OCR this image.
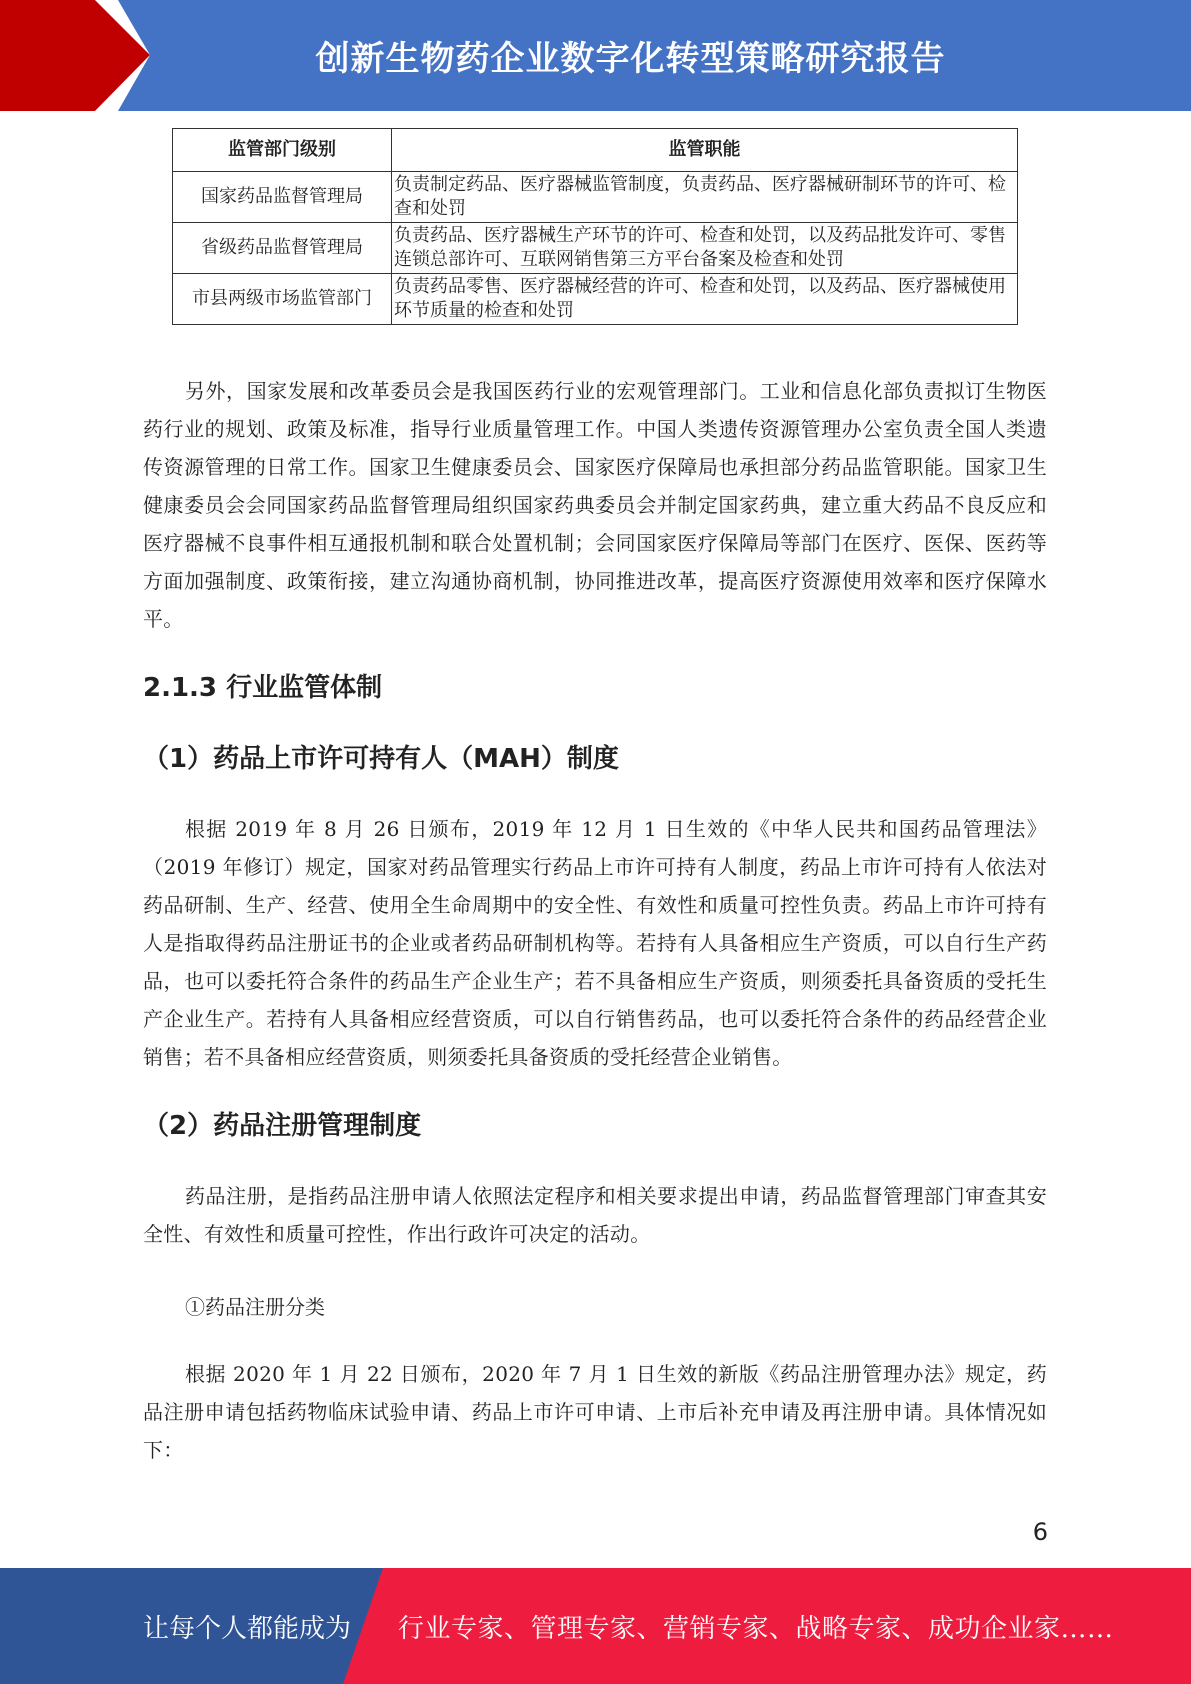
创新生物药企业数字化转型策略研究报告
监管部门级别	监管职能
国家药品监督管理局	负责制定药品、医疗器械监管制度，负责药品、医疗器械研制环节的许可、检查和处罚
省级药品监督管理局	负责药品、医疗器械生产环节的许可、检查和处罚，以及药品批发许可、零售连锁总部许可、互联网销售第三方平台备案及检查和处罚
市县两级市场监管部门	负责药品零售、医疗器械经营的许可、检查和处罚，以及药品、医疗器械使用环节质量的检查和处罚

另外，国家发展和改革委员会是我国医药行业的宏观管理部门。工业和信息化部负责拟订生物医药行业的规划、政策及标准，指导行业质量管理工作。中国人类遗传资源管理办公室负责全国人类遗传资源管理的日常工作。国家卫生健康委员会、国家医疗保障局也承担部分药品监管职能。国家卫生健康委员会会同国家药品监督管理局组织国家药典委员会并制定国家药典，建立重大药品不良反应和医疗器械不良事件相互通报机制和联合处置机制；会同国家医疗保障局等部门在医疗、医保、医药等方面加强制度、政策衔接，建立沟通协商机制，协同推进改革，提高医疗资源使用效率和医疗保障水平。

2.1.3 行业监管体制
（1）药品上市许可持有人（MAH）制度

根据 2019 年 8 月 26 日颁布，2019 年 12 月 1 日生效的《中华人民共和国药品管理法》（2019 年修订）规定，国家对药品管理实行药品上市许可持有人制度，药品上市许可持有人依法对药品研制、生产、经营、使用全生命周期中的安全性、有效性和质量可控性负责。药品上市许可持有人是指取得药品注册证书的企业或者药品研制机构等。若持有人具备相应生产资质，可以自行生产药品，也可以委托符合条件的药品生产企业生产；若不具备相应生产资质，则须委托具备资质的受托生产企业生产。若持有人具备相应经营资质，可以自行销售药品，也可以委托符合条件的药品经营企业销售；若不具备相应经营资质，则须委托具备资质的受托经营企业销售。

（2）药品注册管理制度

药品注册，是指药品注册申请人依照法定程序和相关要求提出申请，药品监督管理部门审查其安全性、有效性和质量可控性，作出行政许可决定的活动。

①药品注册分类

根据 2020 年 1 月 22 日颁布，2020 年 7 月 1 日生效的新版《药品注册管理办法》规定，药品注册申请包括药物临床试验申请、药品上市许可申请、上市后补充申请及再注册申请。具体情况如下：

6
让每个人都能成为 行业专家、管理专家、营销专家、战略专家、成功企业家……
